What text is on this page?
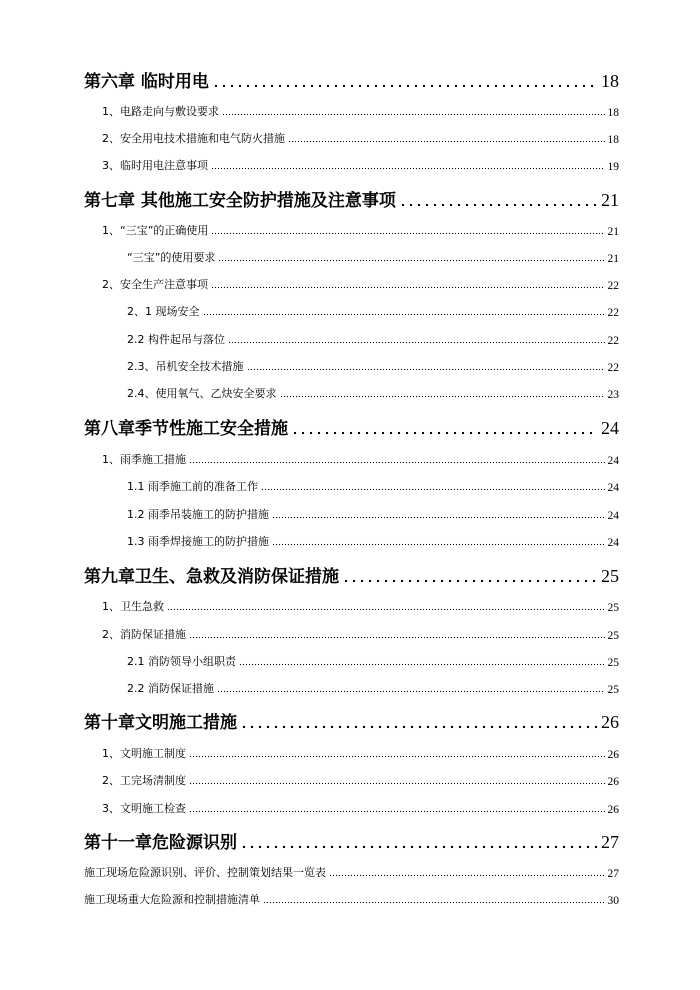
第六章 临时用电	18
1、电路走向与敷设要求	18
2、安全用电技术措施和电气防火措施	18
3、临时用电注意事项	19
第七章 其他施工安全防护措施及注意事项	21
1、“三宝”的正确使用	21
“三宝”的使用要求	21
2、安全生产注意事项	22
2、1 现场安全	22
2.2 构件起吊与落位	22
2.3、吊机安全技术措施	22
2.4、使用氧气、乙炔安全要求	23
第八章季节性施工安全措施	24
1、雨季施工措施	24
1.1 雨季施工前的准备工作	24
1.2 雨季吊装施工的防护措施	24
1.3 雨季焊接施工的防护措施	24
第九章卫生、急救及消防保证措施	25
1、卫生急救	25
2、消防保证措施	25
2.1 消防领导小组职责	25
2.2 消防保证措施	25
第十章文明施工措施	26
1、文明施工制度	26
2、工完场清制度	26
3、文明施工检查	26
第十一章危险源识别	27
施工现场危险源识别、评价、控制策划结果一览表	27
施工现场重大危险源和控制措施清单	30
